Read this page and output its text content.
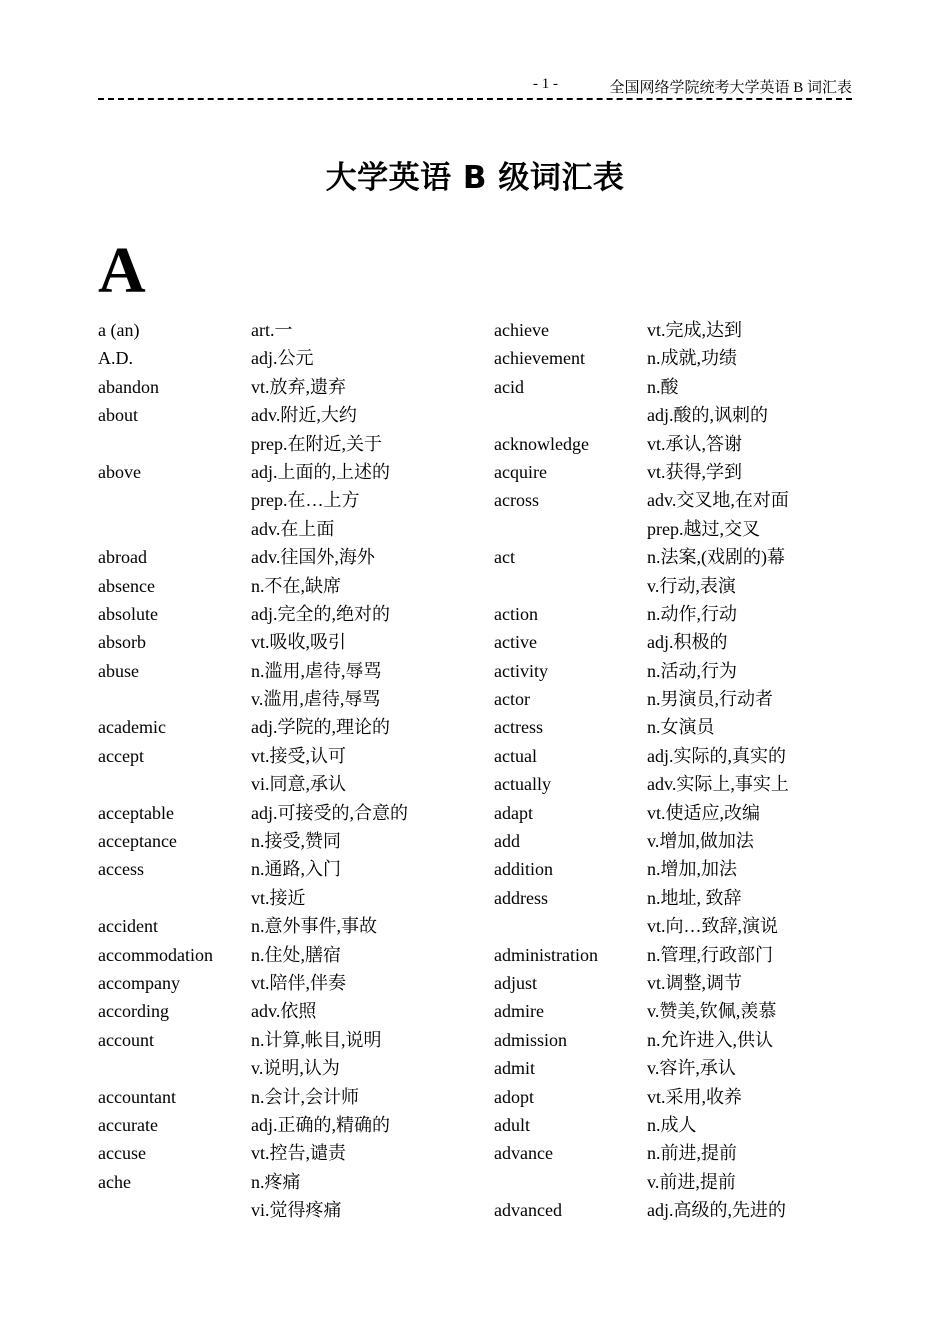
- 1 -	全国网络学院统考大学英语 B 词汇表
大学英语 B 级词汇表
A
a (an)	art.一
A.D.	adj.公元
abandon	vt.放弃,遗弃
about	adv.附近,大约
prep.在附近,关于
above	adj.上面的,上述的
prep.在…上方
adv.在上面
abroad	adv.往国外,海外
absence	n.不在,缺席
absolute	adj.完全的,绝对的
absorb	vt.吸收,吸引
abuse	n.滥用,虐待,辱骂
v.滥用,虐待,辱骂
academic	adj.学院的,理论的
accept	vt.接受,认可
vi.同意,承认
acceptable	adj.可接受的,合意的
acceptance	n.接受,赞同
access	n.通路,入门
vt.接近
accident	n.意外事件,事故
accommodation n.住处,膳宿
accompany	vt.陪伴,伴奏
according	adv.依照
account	n.计算,帐目,说明
v.说明,认为
accountant	n.会计,会计师
accurate	adj.正确的,精确的
accuse	vt.控告,谴责
ache	n.疼痛
vi.觉得疼痛
achieve	vt.完成,达到
achievement	n.成就,功绩
acid	n.酸
adj.酸的,讽刺的
acknowledge	vt.承认,答谢
acquire	vt.获得,学到
across	adv.交叉地,在对面
prep.越过,交叉
act	n.法案,(戏剧的)幕
v.行动,表演
action	n.动作,行动
active	adj.积极的
activity	n.活动,行为
actor	n.男演员,行动者
actress	n.女演员
actual	adj.实际的,真实的
actually	adv.实际上,事实上
adapt	vt.使适应,改编
add	v.增加,做加法
addition	n.增加,加法
address	n.地址, 致辞
vt.向…致辞,演说
administration	n.管理,行政部门
adjust	vt.调整,调节
admire	v.赞美,钦佩,羡慕
admission	n.允许进入,供认
admit	v.容许,承认
adopt	vt.采用,收养
adult	n.成人
advance	n.前进,提前
v.前进,提前
advanced	adj.高级的,先进的
